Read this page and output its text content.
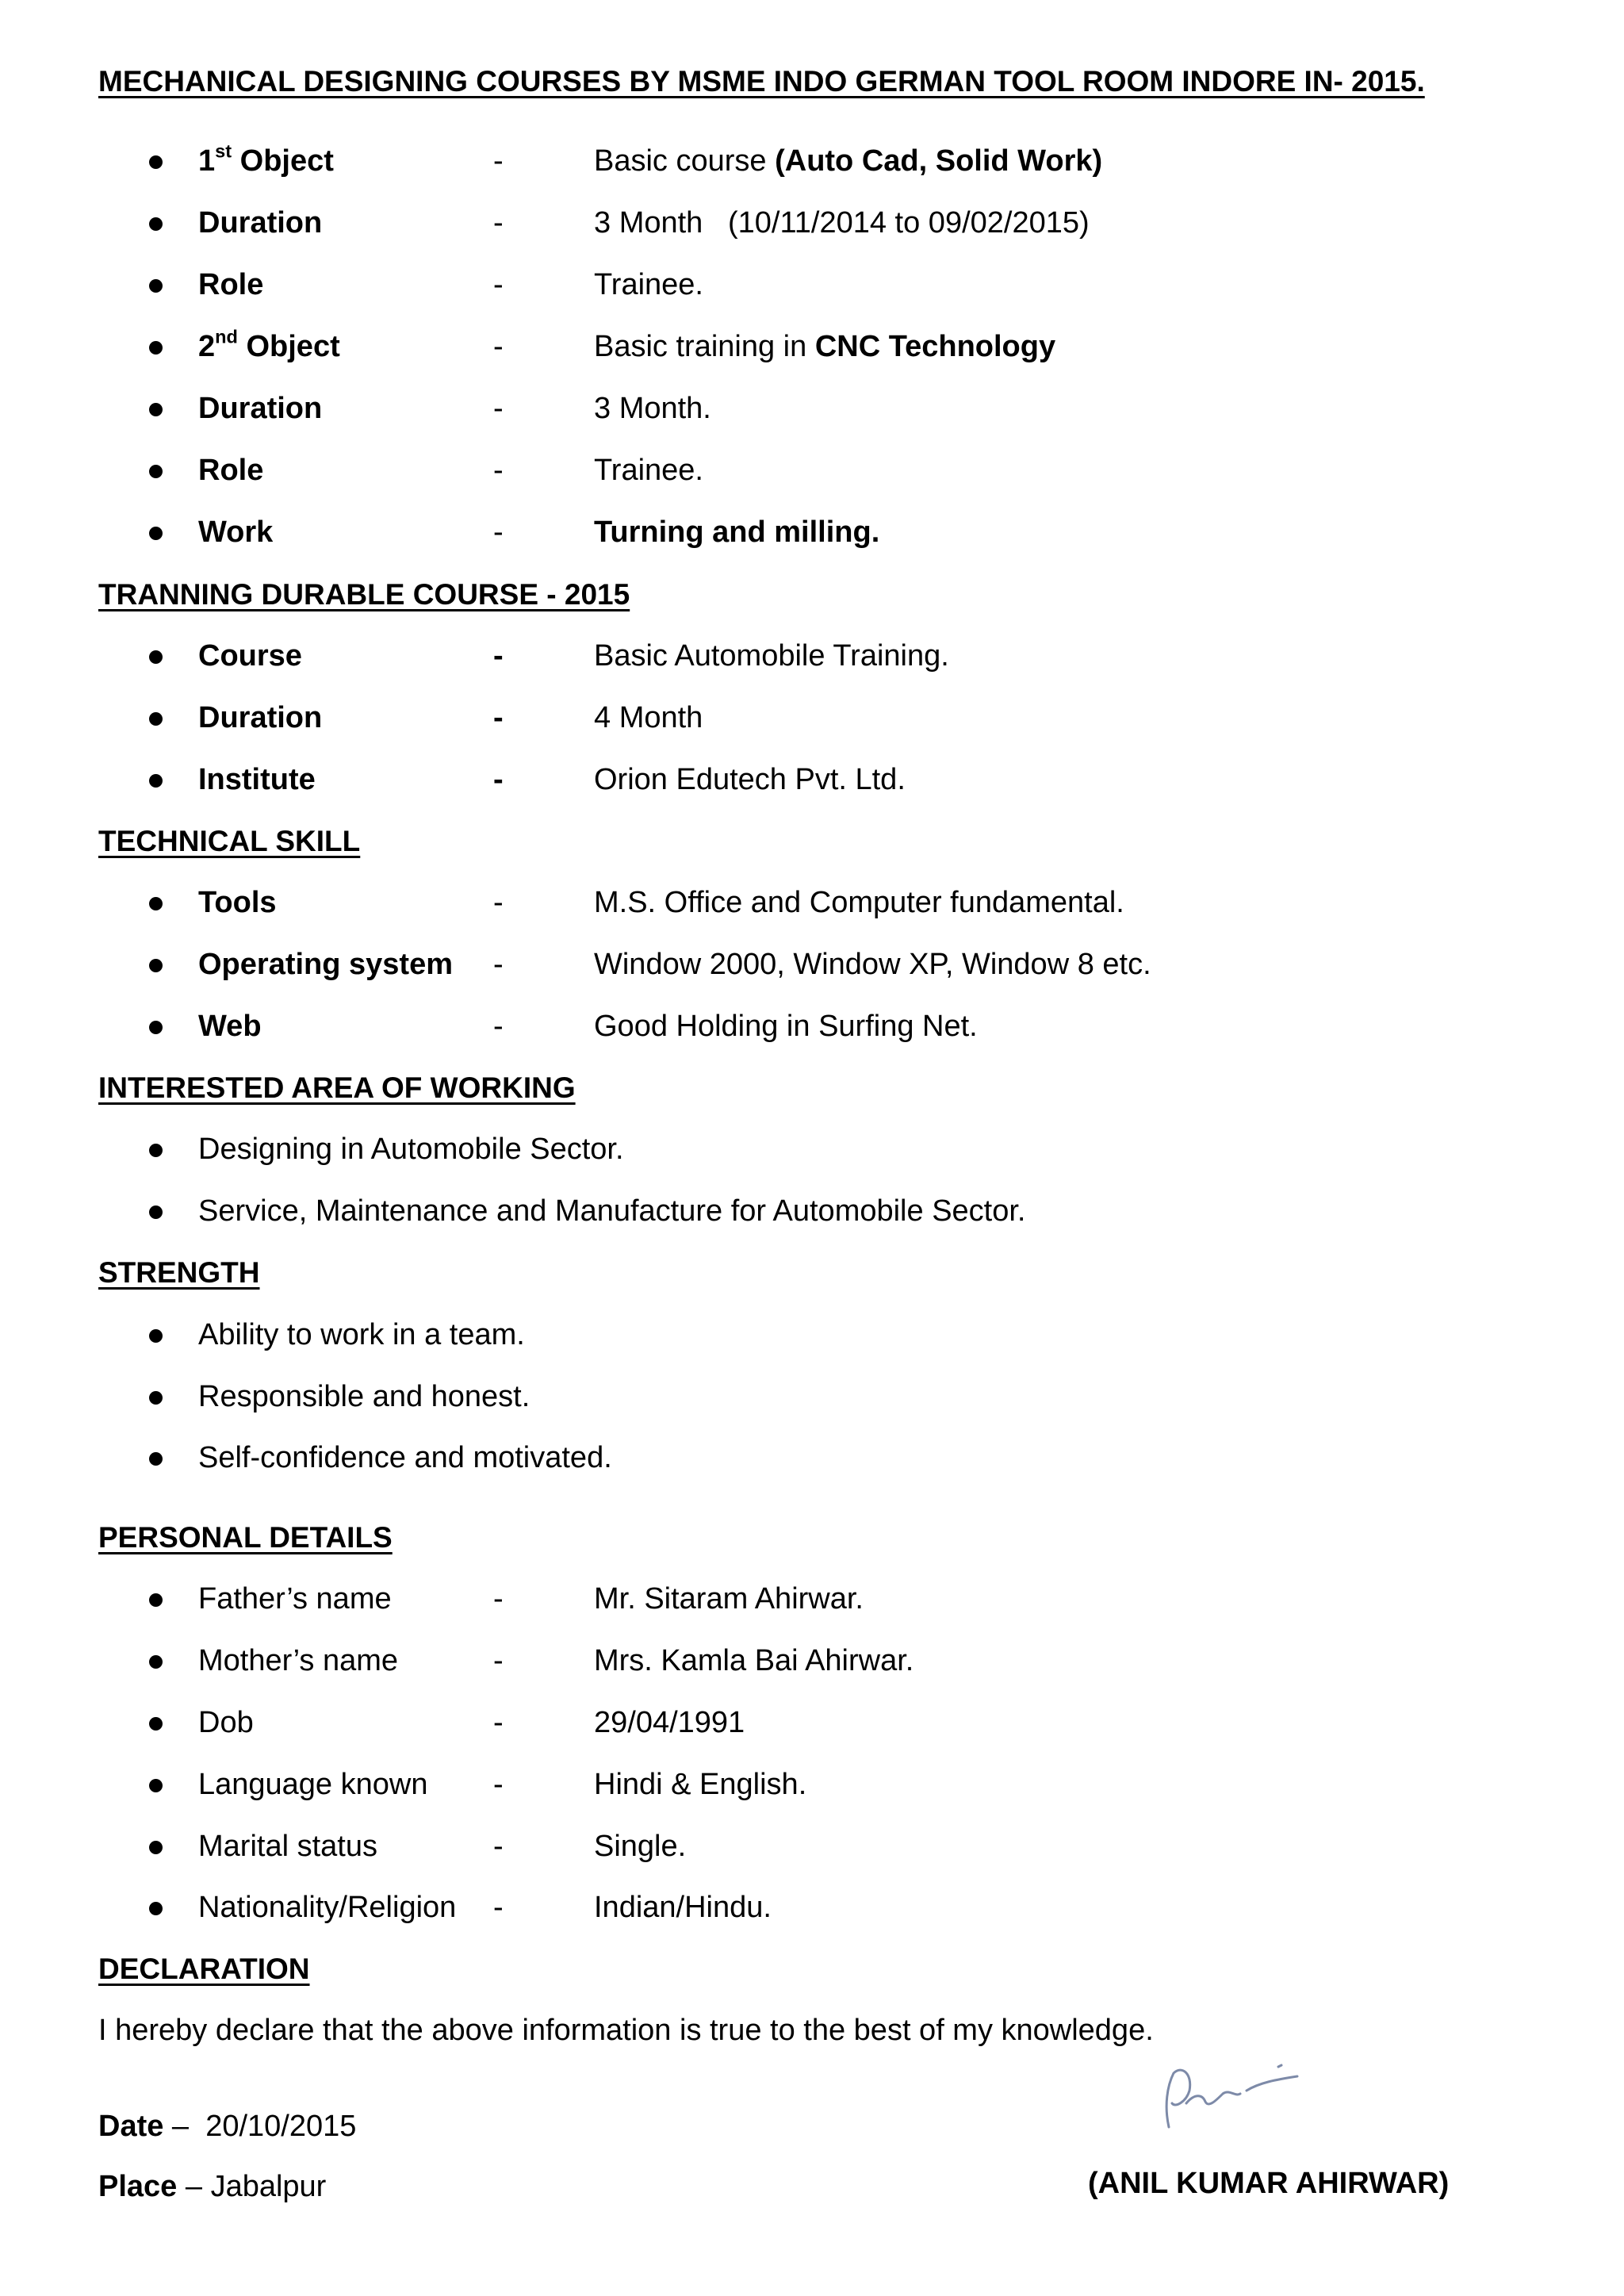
MECHANICAL DESIGNING COURSES BY MSME INDO GERMAN TOOL ROOM INDORE IN- 2015.
1st Object	-	Basic course (Auto Cad, Solid Work)
Duration	-	3 Month   (10/11/2014 to 09/02/2015)
Role	-	Trainee.
2nd Object	-	Basic training in CNC Technology
Duration	-	3 Month.
Role	-	Trainee.
Work	-	Turning and milling.
TRANNING DURABLE COURSE - 2015
Course	-	Basic Automobile Training.
Duration	-	4 Month
Institute	-	Orion Edutech Pvt. Ltd.
TECHNICAL SKILL
Tools	-	M.S. Office and Computer fundamental.
Operating system -	Window 2000, Window XP, Window 8 etc.
Web	-	Good Holding in Surfing Net.
INTERESTED AREA OF WORKING
Designing in Automobile Sector.
Service, Maintenance and Manufacture for Automobile Sector.
STRENGTH
Ability to work in a team.
Responsible and honest.
Self-confidence and motivated.
PERSONAL DETAILS
Father’s name	-	Mr. Sitaram Ahirwar.
Mother’s name	-	Mrs. Kamla Bai Ahirwar.
Dob	-	29/04/1991
Language known -	Hindi & English.
Marital status	-	Single.
Nationality/Religion -	Indian/Hindu.
DECLARATION
I hereby declare that the above information is true to the best of my knowledge.
Date –  20/10/2015
Place – Jabalpur	(ANIL KUMAR AHIRWAR)
